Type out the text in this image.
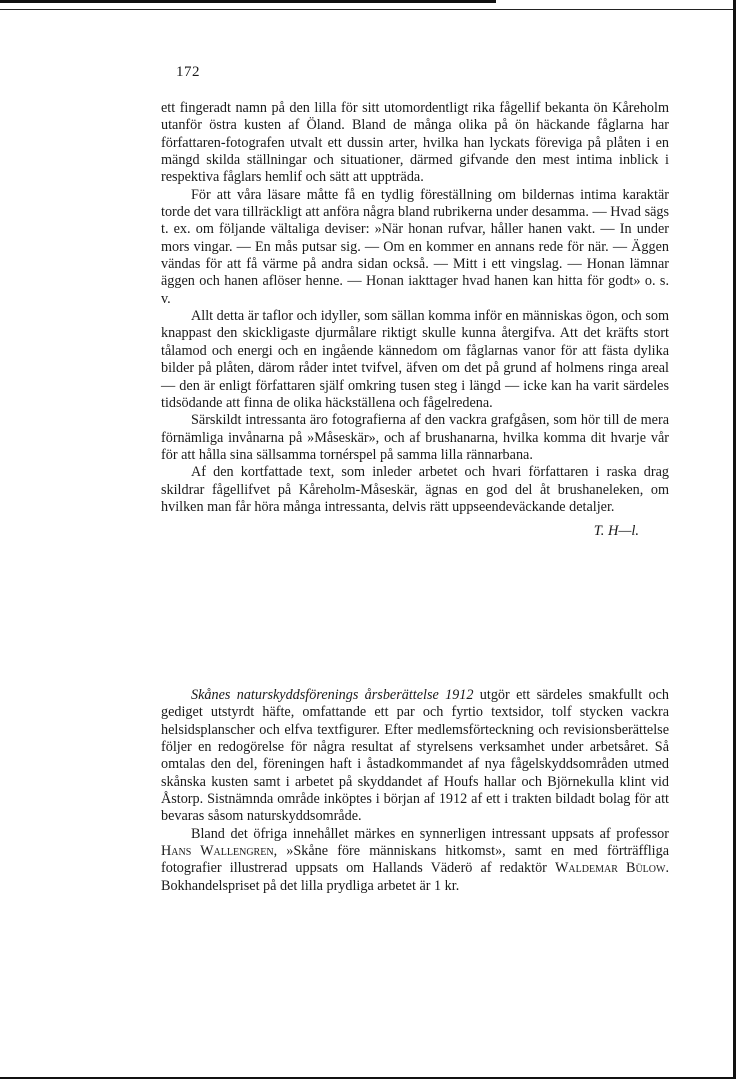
172

ett fingeradt namn på den lilla för sitt utomordentligt rika fågellif bekanta ön Kåreholm utanför östra kusten af Öland. Bland de många olika på ön häckande fåglarna har författaren-fotografen utvalt ett dussin arter, hvilka han lyckats föreviga på plåten i en mängd skilda ställningar och situationer, därmed gifvande den mest intima inblick i respektiva fåglars hemlif och sätt att uppträda.

För att våra läsare måtte få en tydlig föreställning om bildernas intima karaktär torde det vara tillräckligt att anföra några bland rubrikerna under desamma. — Hvad sägs t. ex. om följande vältaliga deviser: »När honan rufvar, håller hanen vakt. — In under mors vingar. — En mås putsar sig. — Om en kommer en annans rede för när. — Äggen vändas för att få värme på andra sidan också. — Mitt i ett vingslag. — Honan lämnar äggen och hanen aflöser henne. — Honan iakttager hvad hanen kan hitta för godt» o. s. v.

Allt detta är taflor och idyller, som sällan komma inför en människas ögon, och som knappast den skickligaste djurmålare riktigt skulle kunna återgifva. Att det kräfts stort tålamod och energi och en ingående kännedom om fåglarnas vanor för att fästa dylika bilder på plåten, därom råder intet tvifvel, äfven om det på grund af holmens ringa areal — den är enligt författaren själf omkring tusen steg i längd — icke kan ha varit särdeles tidsödande att finna de olika häckställena och fågelredena.

Särskildt intressanta äro fotografierna af den vackra grafgåsen, som hör till de mera förnämliga invånarna på »Måseskär», och af brushanarna, hvilka komma dit hvarje vår för att hålla sina sällsamma tornérspel på samma lilla rännarbana.

Af den kortfattade text, som inleder arbetet och hvari författaren i raska drag skildrar fågellifvet på Kåreholm-Måseskär, ägnas en god del åt brushaneleken, om hvilken man får höra många intressanta, delvis rätt uppseendeväckande detaljer.

T. H—l.

Skånes naturskyddsförenings årsberättelse 1912 utgör ett särdeles smakfullt och gediget utstyrdt häfte, omfattande ett par och fyrtio textsidor, tolf stycken vackra helsidsplanscher och elfva textfigurer. Efter medlemsförteckning och revisionsberättelse följer en redogörelse för några resultat af styrelsens verksamhet under arbetsåret. Så omtalas den del, föreningen haft i åstadkommandet af nya fågelskyddsområden utmed skånska kusten samt i arbetet på skyddandet af Houfs hallar och Björnekulla klint vid Åstorp. Sistnämnda område inköptes i början af 1912 af ett i trakten bildadt bolag för att bevaras såsom naturskyddsområde.

Bland det öfriga innehållet märkes en synnerligen intressant uppsats af professor Hans Wallengren, »Skåne före människans hitkomst», samt en med förträffliga fotografier illustrerad uppsats om Hallands Väderö af redaktör Waldemar Bülow. Bokhandelspriset på det lilla prydliga arbetet är 1 kr.
